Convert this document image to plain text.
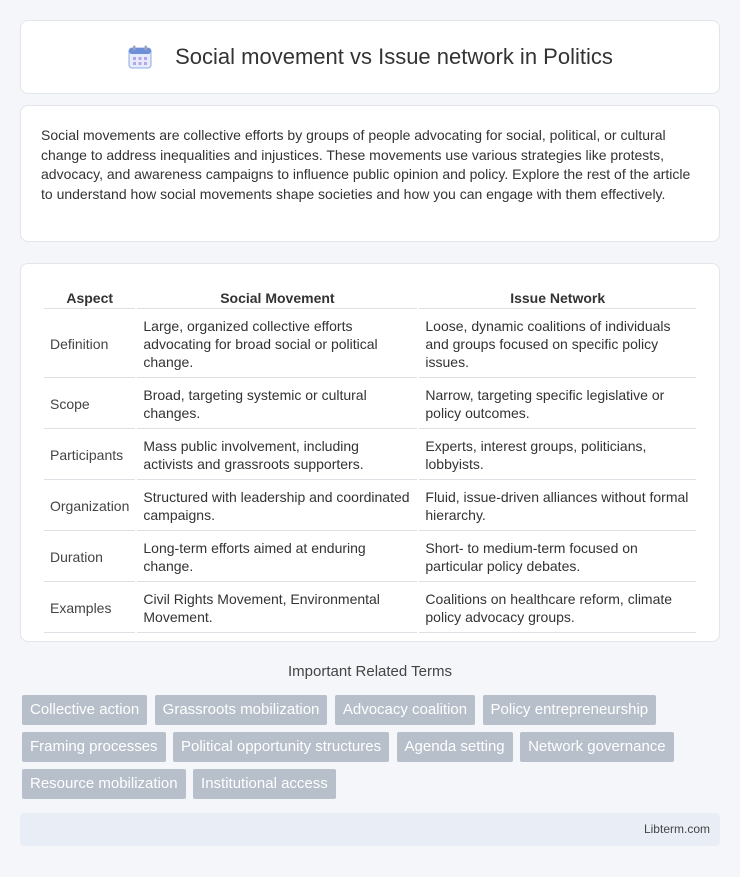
Social movement vs Issue network in Politics

Social movements are collective efforts by groups of people advocating for social, political, or cultural change to address inequalities and injustices. These movements use various strategies like protests, advocacy, and awareness campaigns to influence public opinion and policy. Explore the rest of the article to understand how social movements shape societies and how you can engage with them effectively.

Aspect	Social Movement	Issue Network
Definition	Large, organized collective efforts advocating for broad social or political change.	Loose, dynamic coalitions of individuals and groups focused on specific policy issues.
Scope	Broad, targeting systemic or cultural changes.	Narrow, targeting specific legislative or policy outcomes.
Participants	Mass public involvement, including activists and grassroots supporters.	Experts, interest groups, politicians, lobbyists.
Organization	Structured with leadership and coordinated campaigns.	Fluid, issue-driven alliances without formal hierarchy.
Duration	Long-term efforts aimed at enduring change.	Short- to medium-term focused on particular policy debates.
Examples	Civil Rights Movement, Environmental Movement.	Coalitions on healthcare reform, climate policy advocacy groups.
Important Related Terms
Collective action Grassroots mobilization Advocacy coalition Policy entrepreneurship Framing processes Political opportunity structures Agenda setting Network governance Resource mobilization Institutional access
Libterm.com
